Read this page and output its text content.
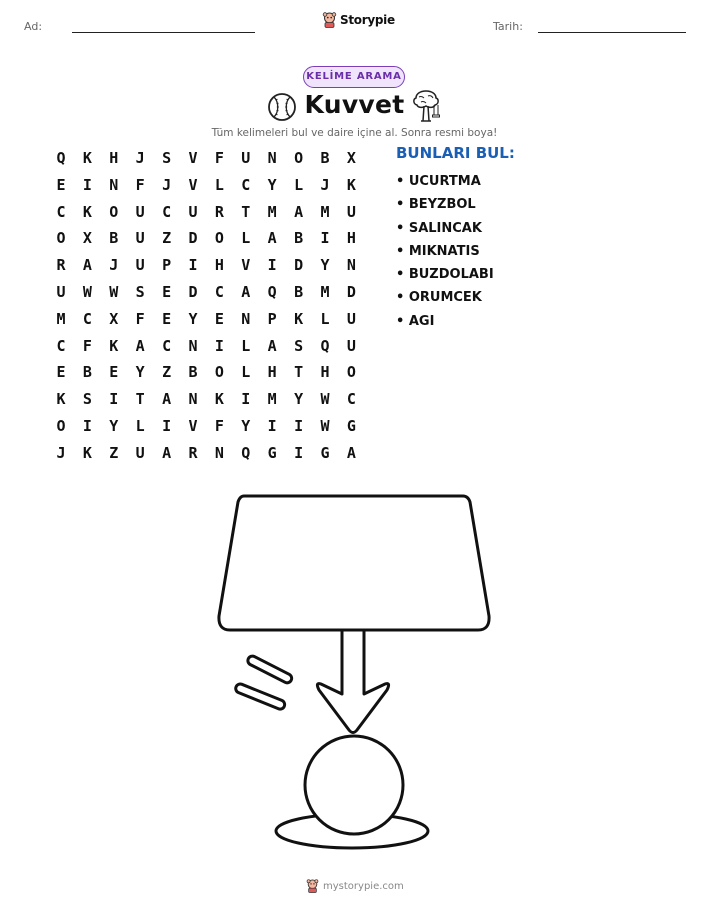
Ad:	Storypie	Tarih:
KELİME ARAMA
Kuvvet
Tüm kelimeleri bul ve daire içine al. Sonra resmi boya!
Q	K	H	J	S	V	F	U	N	O	B	X
E	I	N	F	J	V	L	C	Y	L	J	K
C	K	O	U	C	U	R	T	M	A	M	U
O	X	B	U	Z	D	O	L	A	B	I	H
R	A	J	U	P	I	H	V	I	D	Y	N
U	W	W	S	E	D	C	A	Q	B	M	D
M	C	X	F	E	Y	E	N	P	K	L	U
C	F	K	A	C	N	I	L	A	S	Q	U
E	B	E	Y	Z	B	O	L	H	T	H	O
K	S	I	T	A	N	K	I	M	Y	W	C
O	I	Y	L	I	V	F	Y	I	I	W	G
J	K	Z	U	A	R	N	Q	G	I	G	A
BUNLARI BUL:
• UCURTMA
• BEYZBOL
• SALINCAK
• MIKNATIS
• BUZDOLABI
• ORUMCEK
• AGI
mystorypie.com
